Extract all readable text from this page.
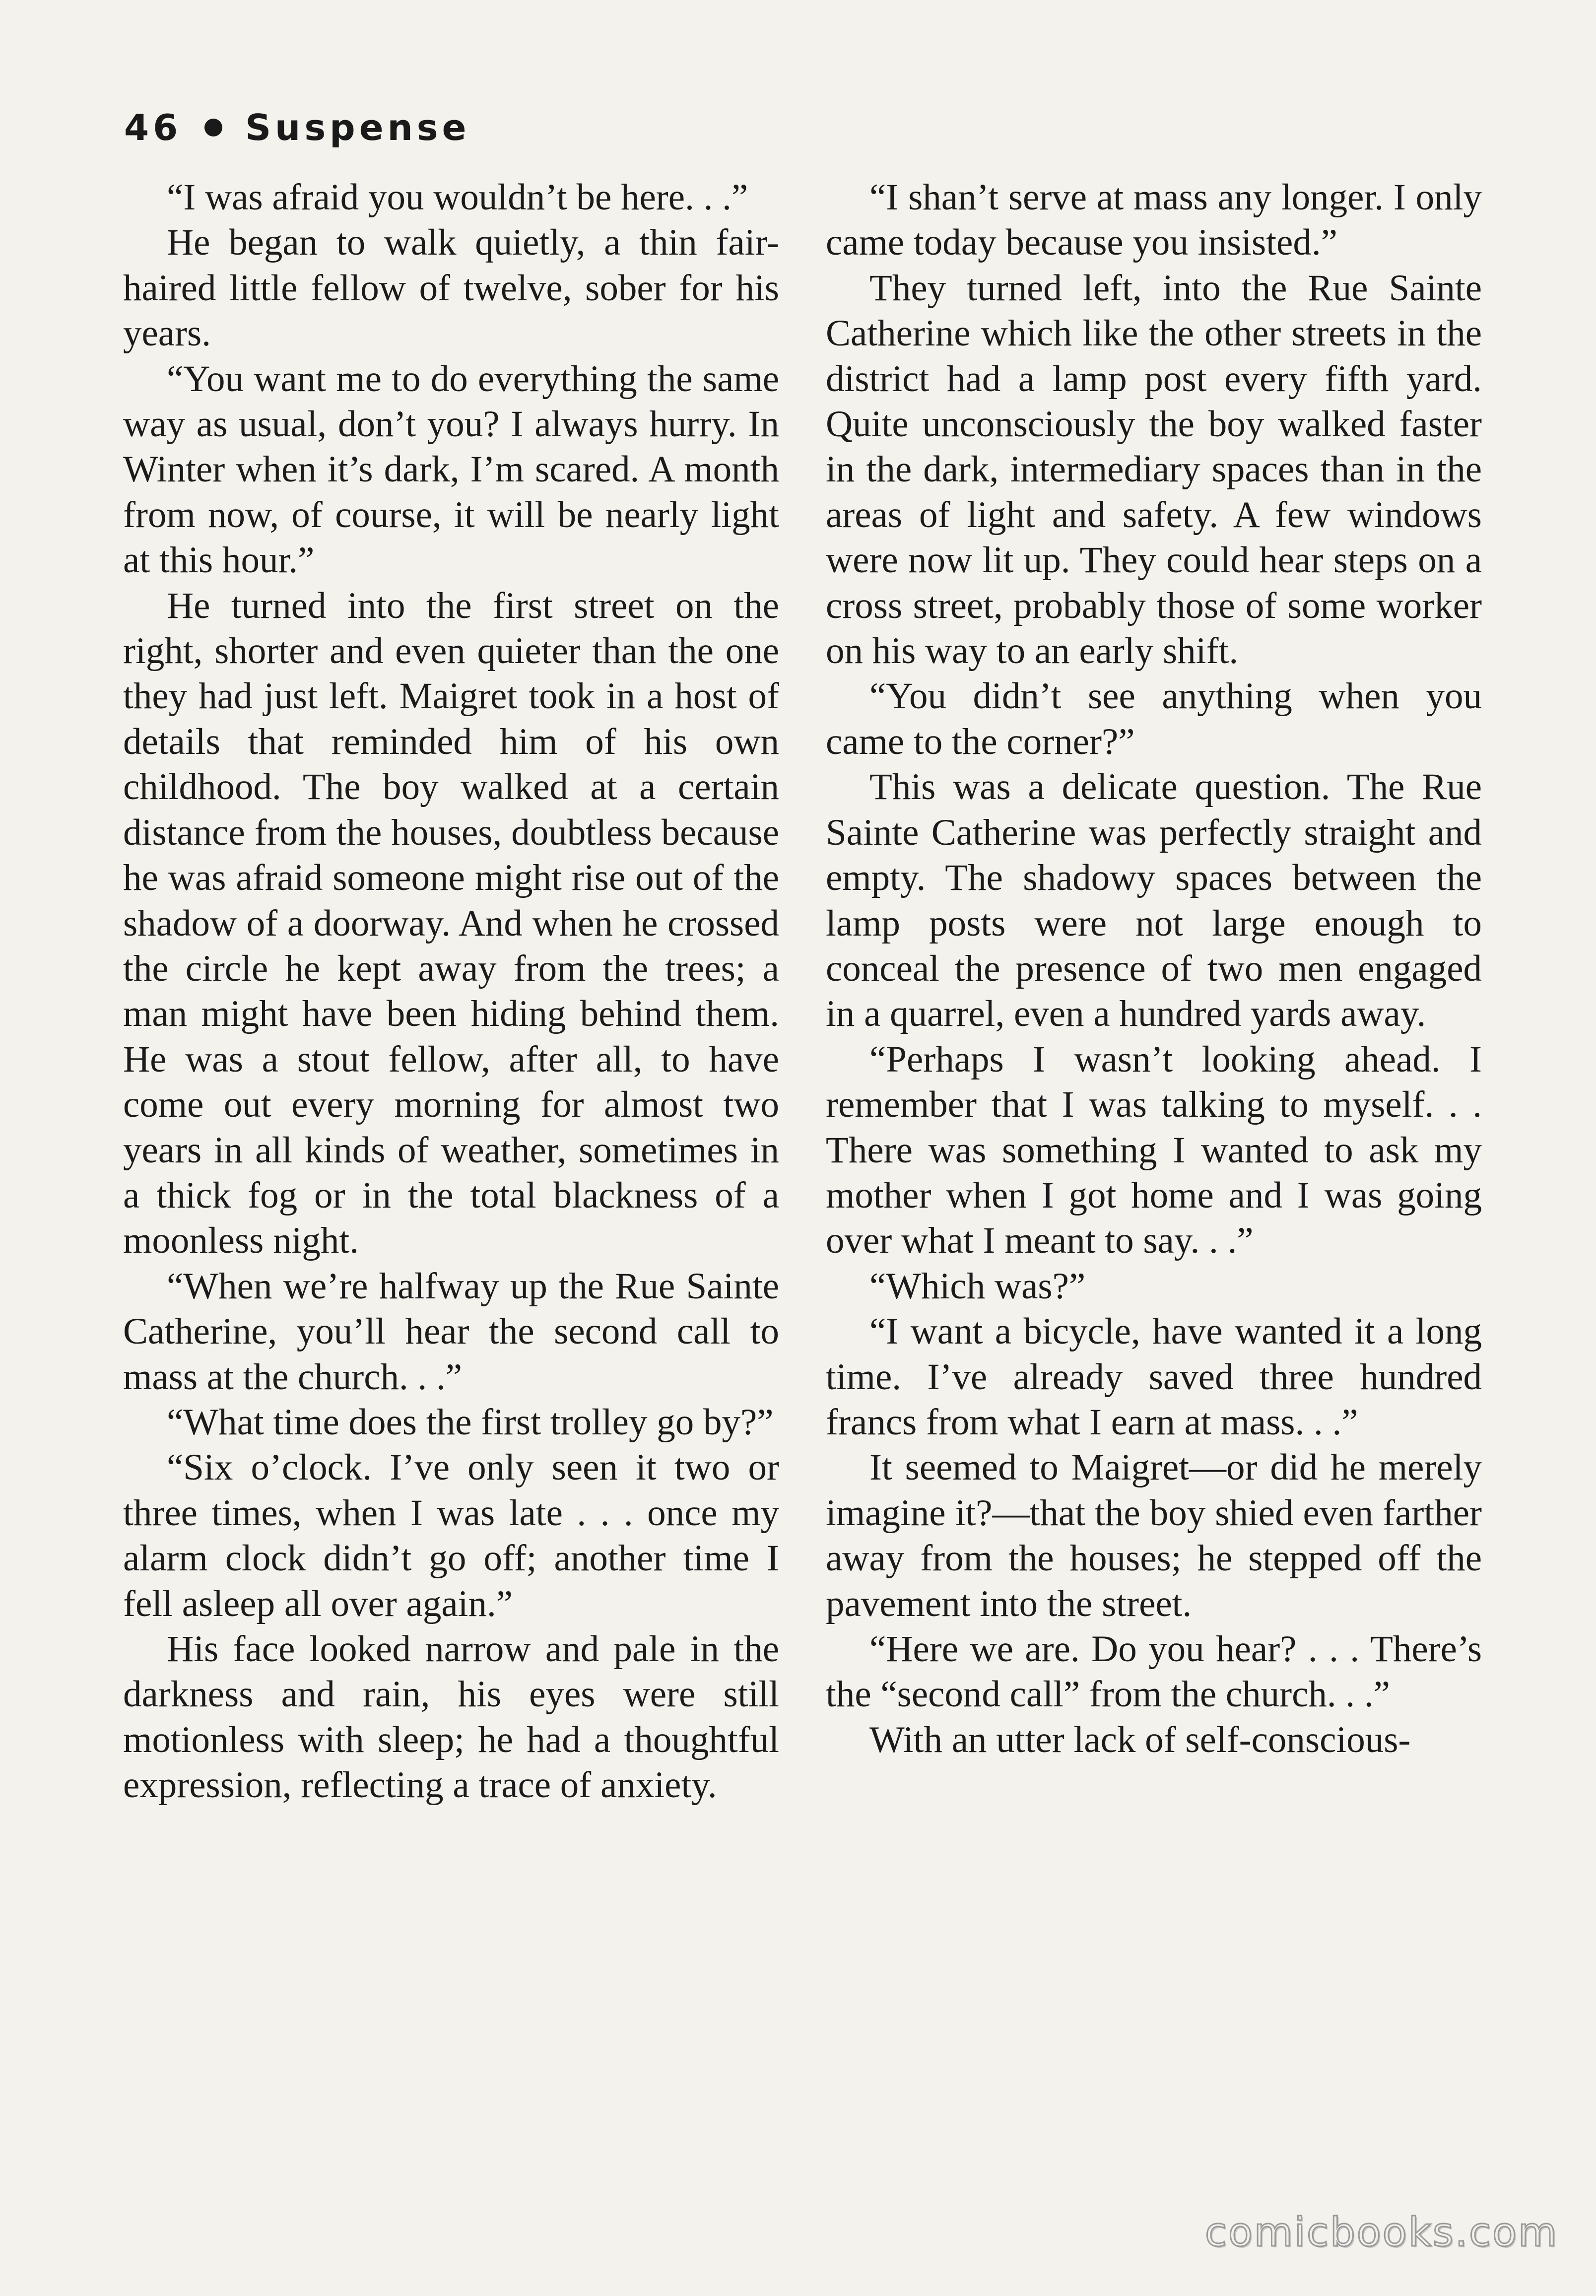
46 Suspense

“I was afraid you wouldn’t be here. . .”

He began to walk quietly, a thin fair-haired little fellow of twelve, sober for his years.

“You want me to do everything the same way as usual, don’t you? I always hurry. In Winter when it’s dark, I’m scared. A month from now, of course, it will be nearly light at this hour.”

He turned into the first street on the right, shorter and even quieter than the one they had just left. Maigret took in a host of details that reminded him of his own childhood. The boy walked at a certain distance from the houses, doubtless because he was afraid someone might rise out of the shadow of a doorway. And when he crossed the circle he kept away from the trees; a man might have been hiding behind them. He was a stout fellow, after all, to have come out every morning for almost two years in all kinds of weather, sometimes in a thick fog or in the total blackness of a moonless night.

“When we’re halfway up the Rue Sainte Catherine, you’ll hear the second call to mass at the church. . .”

“What time does the first trolley go by?”

“Six o’clock. I’ve only seen it two or three times, when I was late . . . once my alarm clock didn’t go off; another time I fell asleep all over again.”

His face looked narrow and pale in the darkness and rain, his eyes were still motionless with sleep; he had a thoughtful expression, reflecting a trace of anxiety.

“I shan’t serve at mass any longer. I only came today because you insisted.”

They turned left, into the Rue Sainte Catherine which like the other streets in the district had a lamp post every fifth yard. Quite unconsciously the boy walked faster in the dark, intermediary spaces than in the areas of light and safety. A few windows were now lit up. They could hear steps on a cross street, probably those of some worker on his way to an early shift.

“You didn’t see anything when you came to the corner?”

This was a delicate question. The Rue Sainte Catherine was perfectly straight and empty. The shadowy spaces between the lamp posts were not large enough to conceal the presence of two men engaged in a quarrel, even a hundred yards away.

“Perhaps I wasn’t looking ahead. I remember that I was talking to myself. . . There was something I wanted to ask my mother when I got home and I was going over what I meant to say. . .”

“Which was?”

“I want a bicycle, have wanted it a long time. I’ve already saved three hundred francs from what I earn at mass. . .”

It seemed to Maigret—or did he merely imagine it?—that the boy shied even farther away from the houses; he stepped off the pavement into the street.

“Here we are. Do you hear? . . . There’s the “second call” from the church. . .”

With an utter lack of self-conscious-

comicbooks.com
